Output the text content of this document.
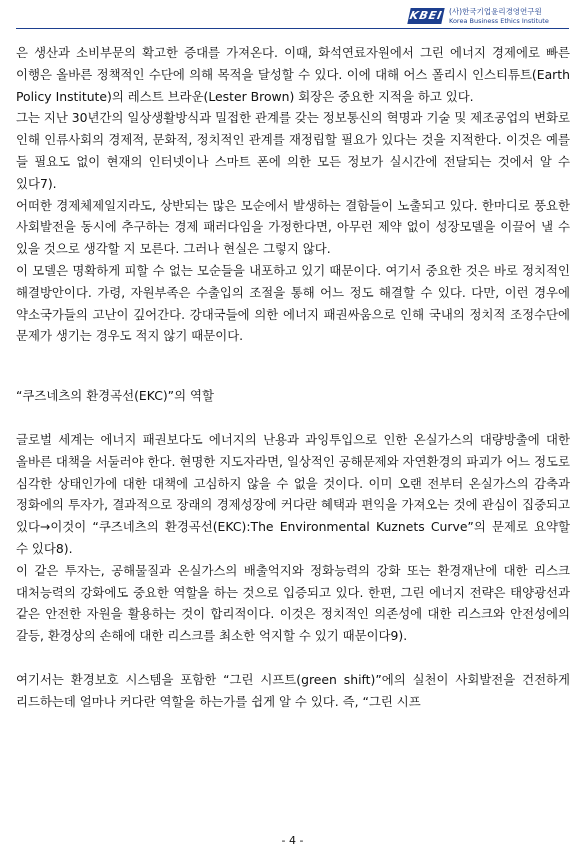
KBEI (사)한국기업윤리경영연구원
Korea Business Ethics Institute

은 생산과 소비부문의 확고한 증대를 가져온다. 이때, 화석연료자원에서 그린 에너지 경제에로 빠른 이행은 올바른 정책적인 수단에 의해 목적을 달성할 수 있다. 이에 대해 어스 폴리시 인스티튜트(Earth Policy Institute)의 레스트 브라운(Lester Brown) 회장은 중요한 지적을 하고 있다.

그는 지난 30년간의 일상생활방식과 밀접한 관계를 갖는 정보통신의 혁명과 기술 및 제조공업의 변화로 인해 인류사회의 경제적, 문화적, 정치적인 관계를 재정립할 필요가 있다는 것을 지적한다. 이것은 예를 들 필요도 없이 현재의 인터넷이나 스마트 폰에 의한 모든 정보가 실시간에 전달되는 것에서 알 수 있다7).

어떠한 경제체제일지라도, 상반되는 많은 모순에서 발생하는 결함들이 노출되고 있다. 한마디로 풍요한 사회발전을 동시에 추구하는 경제 패러다임을 가정한다면, 아무런 제약 없이 성장모델을 이끌어 낼 수 있을 것으로 생각할 지 모른다. 그러나 현실은 그렇지 않다.

이 모델은 명확하게 피할 수 없는 모순들을 내포하고 있기 때문이다. 여기서 중요한 것은 바로 정치적인 해결방안이다. 가령, 자원부족은 수출입의 조절을 통해 어느 정도 해결할 수 있다. 다만, 이런 경우에 약소국가들의 고난이 깊어간다. 강대국들에 의한 에너지 패권싸움으로 인해 국내의 정치적 조정수단에 문제가 생기는 경우도 적지 않기 때문이다.

“쿠즈네츠의 환경곡선(EKC)”의 역할

글로벌 세계는 에너지 패권보다도 에너지의 난용과 과잉투입으로 인한 온실가스의 대량방출에 대한 올바른 대책을 서둘러야 한다. 현명한 지도자라면, 일상적인 공해문제와 자연환경의 파괴가 어느 정도로 심각한 상태인가에 대한 대책에 고심하지 않을 수 없을 것이다. 이미 오랜 전부터 온실가스의 감축과 정화에의 투자가, 결과적으로 장래의 경제성장에 커다란 혜택과 편익을 가져오는 것에 관심이 집중되고 있다→이것이 “쿠즈네츠의 환경곡선(EKC):The Environmental Kuznets Curve”의 문제로 요약할 수 있다8).

이 같은 투자는, 공해물질과 온실가스의 배출억지와 정화능력의 강화 또는 환경재난에 대한 리스크 대처능력의 강화에도 중요한 역할을 하는 것으로 입증되고 있다. 한편, 그린 에너지 전략은 태양광선과 같은 안전한 자원을 활용하는 것이 합리적이다. 이것은 정치적인 의존성에 대한 리스크와 안전성에의 갈등, 환경상의 손해에 대한 리스크를 최소한 억지할 수 있기 때문이다9).

여기서는 환경보호 시스템을 포함한 “그린 시프트(green shift)”에의 실천이 사회발전을 건전하게 리드하는데 얼마나 커다란 역할을 하는가를 쉽게 알 수 있다. 즉, “그린 시프

- 4 -
